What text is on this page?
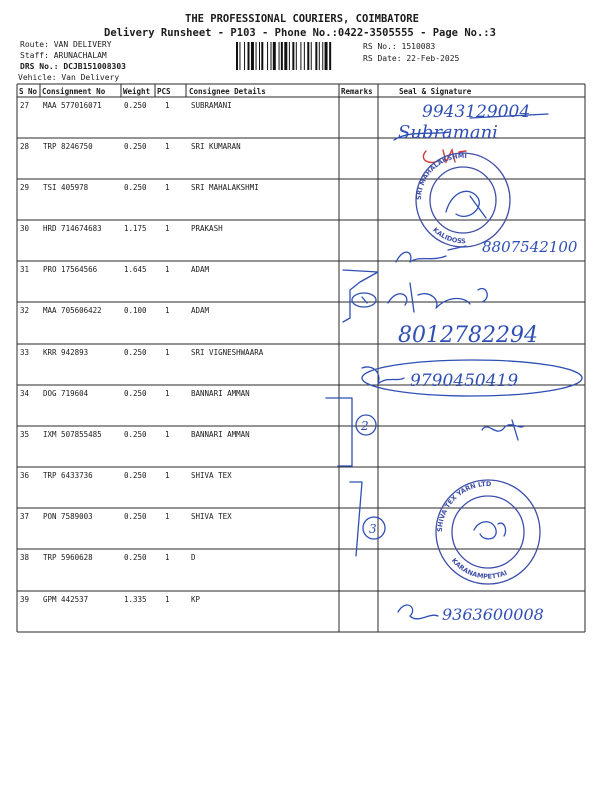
THE PROFESSIONAL COURIERS, COIMBATORE
Delivery Runsheet - P103 - Phone No.:0422-3505555 - Page No.:3
Route: VAN DELIVERY
Staff: ARUNACHALAM
DRS No.: DCJB151008303
Vehicle: Van Delivery
RS No.: 1510083
RS Date: 22-Feb-2025
9943129004
Subramani
SRI MAHALAKSHMI
KALIDOSS 8807542100
8012782294
9790450419
2
3	SHIVA TEX YARN LTD
KARANAMPETTAI
9363600008
S No Consignment No Weight PCS Consignee Details	Remarks	Seal & Signature
27 MAA 577016071	0.250 1	SUBRAMANI
28 TRP 8246750	0.250 1	SRI KUMARAN
29 TSI 405978	0.250 1	SRI MAHALAKSHMI
30 HRD 714674683	1.175 1	PRAKASH
31 PRO 17564566	1.645 1	ADAM
32 MAA 705606422	0.100 1	ADAM
33 KRR 942893	0.250 1	SRI VIGNESHWAARA
34 DOG 719604	0.250 1	BANNARI AMMAN
35 IXM 507855485	0.250 1	BANNARI AMMAN
36 TRP 6433736	0.250 1	SHIVA TEX
37 PON 7589003	0.250 1	SHIVA TEX
38 TRP 5960628	0.250 1	D
39 GPM 442537	1.335 1	KP
